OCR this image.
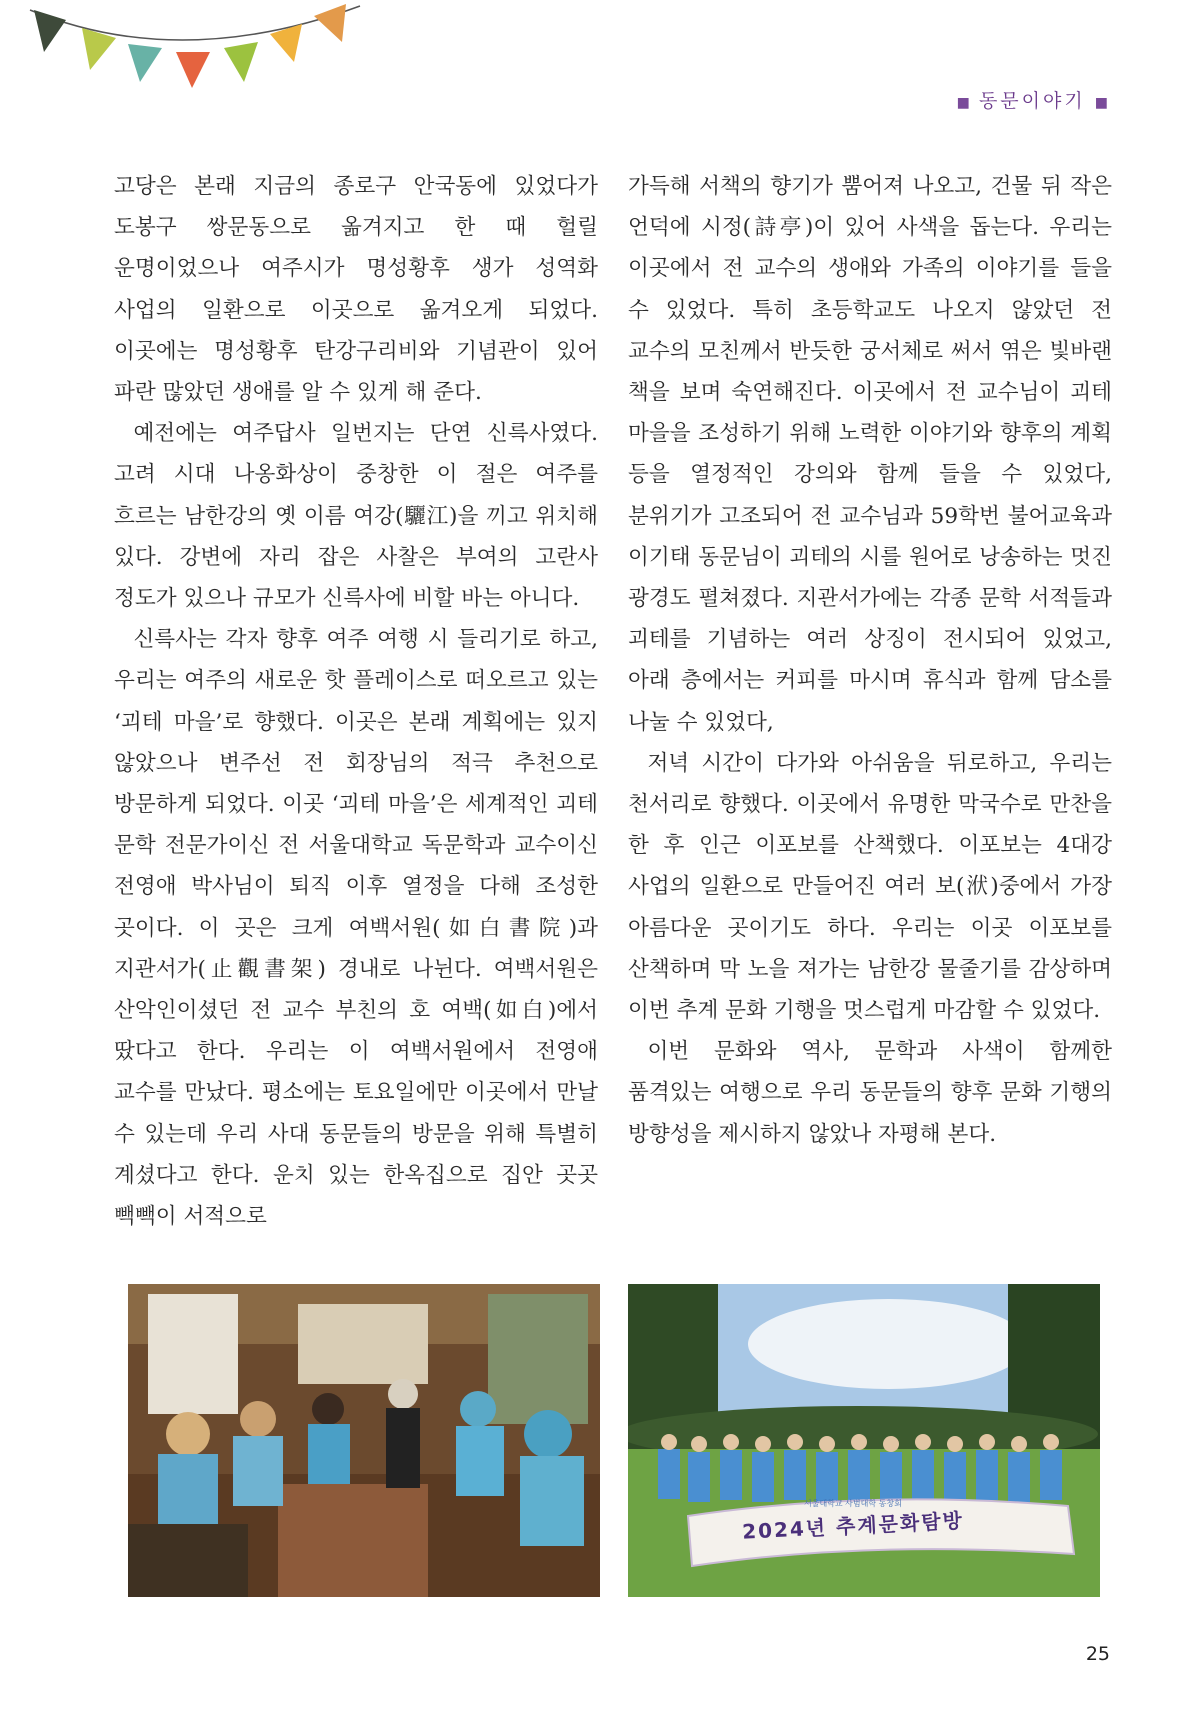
■ 동문이야기 ■

고당은 본래 지금의 종로구 안국동에 있었다가 도봉구 쌍문동으로 옮겨지고 한 때 헐릴 운명이었으나 여주시가 명성황후 생가 성역화 사업의 일환으로 이곳으로 옮겨오게 되었다. 이곳에는 명성황후 탄강구리비와 기념관이 있어 파란 많았던 생애를 알 수 있게 해 준다.

예전에는 여주답사 일번지는 단연 신륵사였다. 고려 시대 나옹화상이 중창한 이 절은 여주를 흐르는 남한강의 옛 이름 여강(驪江)을 끼고 위치해 있다. 강변에 자리 잡은 사찰은 부여의 고란사 정도가 있으나 규모가 신륵사에 비할 바는 아니다.

신륵사는 각자 향후 여주 여행 시 들리기로 하고, 우리는 여주의 새로운 핫 플레이스로 떠오르고 있는 ‘괴테 마을’로 향했다. 이곳은 본래 계획에는 있지 않았으나 변주선 전 회장님의 적극 추천으로 방문하게 되었다. 이곳 ‘괴테 마을’은 세계적인 괴테 문학 전문가이신 전 서울대학교 독문학과 교수이신 전영애 박사님이 퇴직 이후 열정을 다해 조성한 곳이다. 이 곳은 크게 여백서원(如白書院)과 지관서가(止觀書架) 경내로 나뉜다. 여백서원은 산악인이셨던 전 교수 부친의 호 여백(如白)에서 땄다고 한다. 우리는 이 여백서원에서 전영애 교수를 만났다. 평소에는 토요일에만 이곳에서 만날 수 있는데 우리 사대 동문들의 방문을 위해 특별히 계셨다고 한다. 운치 있는 한옥집으로 집안 곳곳 빽빽이 서적으로

가득해 서책의 향기가 뿜어져 나오고, 건물 뒤 작은 언덕에 시정(詩亭)이 있어 사색을 돕는다. 우리는 이곳에서 전 교수의 생애와 가족의 이야기를 들을 수 있었다. 특히 초등학교도 나오지 않았던 전 교수의 모친께서 반듯한 궁서체로 써서 엮은 빛바랜 책을 보며 숙연해진다. 이곳에서 전 교수님이 괴테 마을을 조성하기 위해 노력한 이야기와 향후의 계획 등을 열정적인 강의와 함께 들을 수 있었다, 분위기가 고조되어 전 교수님과 59학번 불어교육과 이기태 동문님이 괴테의 시를 원어로 낭송하는 멋진 광경도 펼쳐졌다. 지관서가에는 각종 문학 서적들과 괴테를 기념하는 여러 상징이 전시되어 있었고, 아래 층에서는 커피를 마시며 휴식과 함께 담소를 나눌 수 있었다,

저녁 시간이 다가와 아쉬움을 뒤로하고, 우리는 천서리로 향했다. 이곳에서 유명한 막국수로 만찬을 한 후 인근 이포보를 산책했다. 이포보는 4대강 사업의 일환으로 만들어진 여러 보(洑)중에서 가장 아름다운 곳이기도 하다. 우리는 이곳 이포보를 산책하며 막 노을 져가는 남한강 물줄기를 감상하며 이번 추계 문화 기행을 멋스럽게 마감할 수 있었다.

이번 문화와 역사, 문학과 사색이 함께한 품격있는 여행으로 우리 동문들의 향후 문화 기행의 방향성을 제시하지 않았나 자평해 본다.

서울대학교 사범대학 동창회
2024년 추계문화탐방
25
